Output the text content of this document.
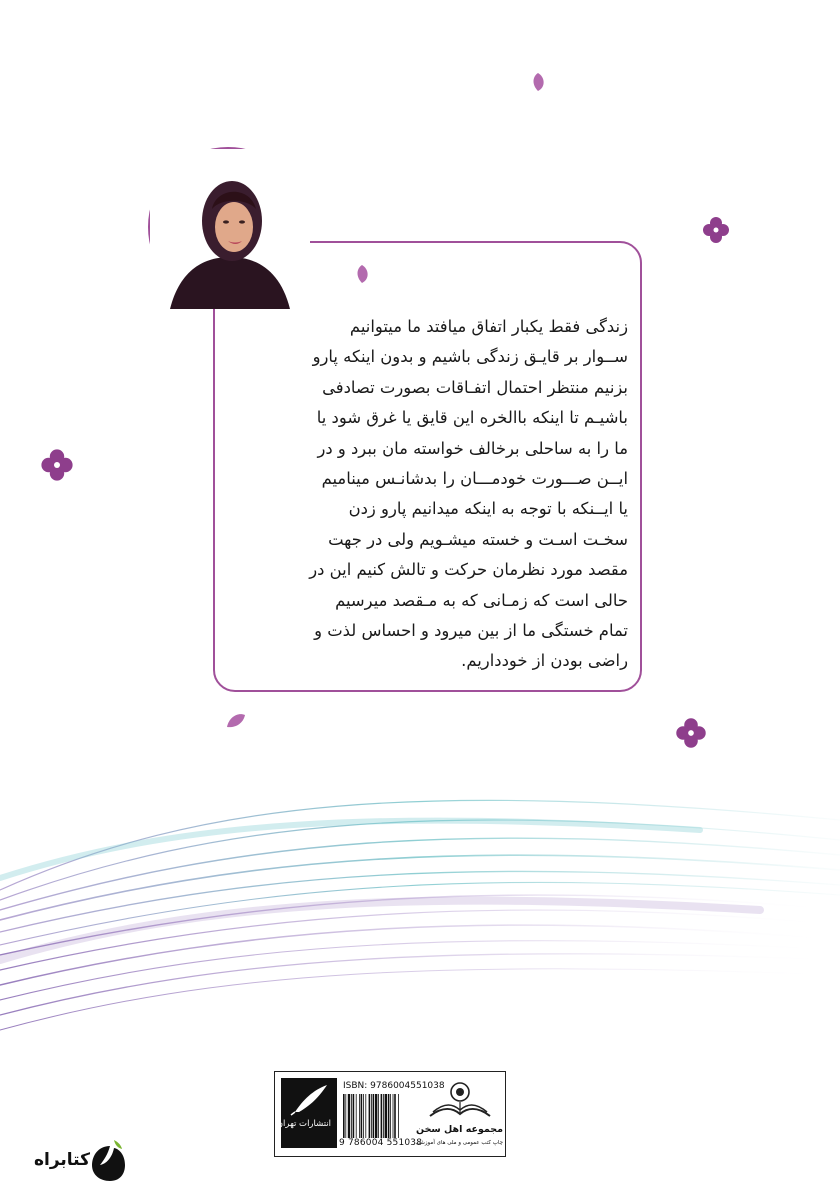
زندگی فقط یکبار اتفاق میافتد ما میتوانیم
ســوار بر قایـق زندگی باشیم و بدون اینکه پارو
بزنیم منتظر احتمال اتفـاقات بصورت تصادفی
باشیـم تا اینکه باالخره این قایق یا غرق شود یا
ما را به ساحلی برخالف خواسته مان ببرد و در
ایــن صـــورت خودمـــان را بدشانـس میناميم
یا ایــنکه با توجه به اینکه میدانیم پارو زدن
سخـت اسـت و خسته میشـویم ولی در جهت
مقصد مورد نظرمان حرکت و تالش کنیم این در
حالی است که زمـانی که به مـقصد میرسیم
تمام خستگی ما از بین میرود و احساس لذت و
راضی بودن از خودداریم.
انتشارات تهران
ISBN: 9786004551038
9 786004 551038
مجموعه اهل سخن
چاپ کتب عمومی و ملی های آموزشی
کتابراه
